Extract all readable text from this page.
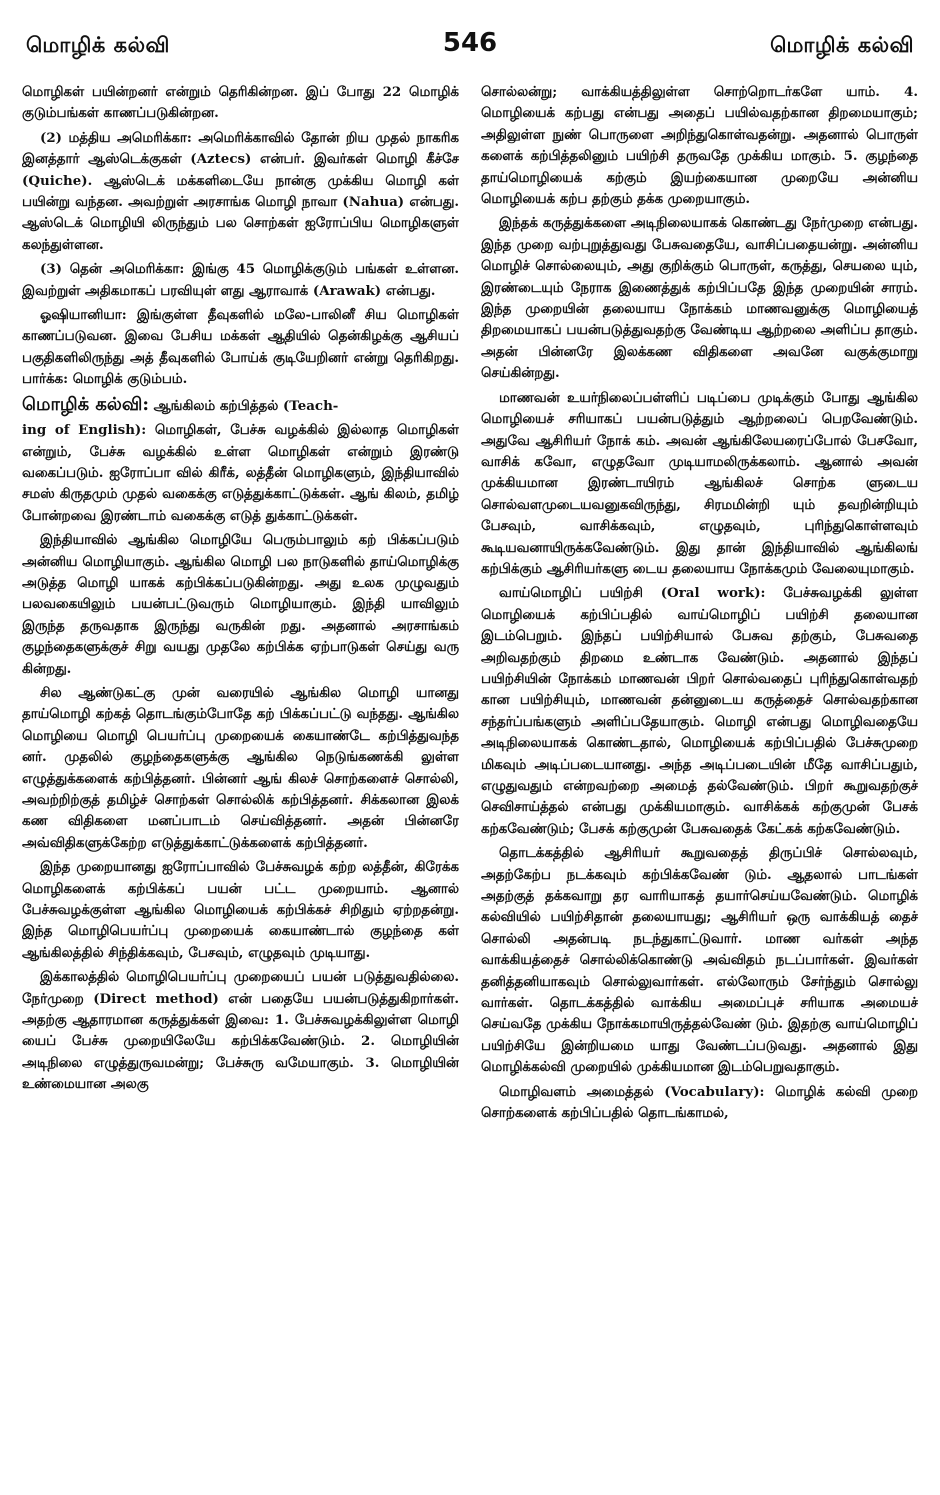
மொழிக் கல்வி	546	மொழிக் கல்வி

மொழிகள் பயின்றனர் என்றும் தெரிகின்றன. இப் போது 22 மொழிக் குடும்பங்கள் காணப்படுகின்றன.

(2) மத்திய அமெரிக்கா: அமெரிக்காவில் தோன் றிய முதல் நாகரிக இனத்தார் ஆஸ்டெக்குகள் (Aztecs) என்பர். இவர்கள் மொழி கீச்சே (Quiche). ஆஸ்டெக் மக்களிடையே நான்கு முக்கிய மொழி கள் பயின்று வந்தன. அவற்றுள் அரசாங்க மொழி நாவா (Nahua) என்பது. ஆஸ்டெக் மொழியி லிருந்தும் பல சொற்கள் ஐரோப்பிய மொழிகளுள் கலந்துள்ளன.

(3) தென் அமெரிக்கா: இங்கு 45 மொழிக்குடும் பங்கள் உள்ளன. இவற்றுள் அதிகமாகப் பரவியுள் ளது ஆராவாக் (Arawak) என்பது.

ஓஷியானியா: இங்குள்ள தீவுகளில் மலே-பாலினீ சிய மொழிகள் காணப்படுவன. இவை பேசிய மக்கள் ஆதியில் தென்கிழக்கு ஆசியப் பகுதிகளிலிருந்து அத் தீவுகளில் போய்க் குடியேறினர் என்று தெரிகிறது. பார்க்க: மொழிக் குடும்பம்.

மொழிக் கல்வி: ஆங்கிலம் கற்பித்தல் (Teach-

ing of English): மொழிகள், பேச்சு வழக்கில் இல்லாத மொழிகள் என்றும், பேச்சு வழக்கில் உள்ள மொழிகள் என்றும் இரண்டு வகைப்படும். ஐரோப்பா வில் கிரீக், லத்தீன் மொழிகளும், இந்தியாவில் சமஸ் கிருதமும் முதல் வகைக்கு எடுத்துக்காட்டுக்கள். ஆங் கிலம், தமிழ் போன்றவை இரண்டாம் வகைக்கு எடுத் துக்காட்டுக்கள்.

இந்தியாவில் ஆங்கில மொழியே பெரும்பாலும் கற் பிக்கப்படும் அன்னிய மொழியாகும். ஆங்கில மொழி பல நாடுகளில் தாய்மொழிக்கு அடுத்த மொழி யாகக் கற்பிக்கப்படுகின்றது. அது உலக முழுவதும் பலவகையிலும் பயன்பட்டுவரும் மொழியாகும். இந்தி யாவிலும் இருந்த தருவதாக இருந்து வருகின் றது. அதனால் அரசாங்கம் குழந்தைகளுக்குச் சிறு வயது முதலே கற்பிக்க ஏற்பாடுகள் செய்து வரு கின்றது.

சில ஆண்டுகட்கு முன் வரையில் ஆங்கில மொழி யானது தாய்மொழி கற்கத் தொடங்கும்போதே கற் பிக்கப்பட்டு வந்தது. ஆங்கில மொழியை மொழி பெயர்ப்பு முறையைக் கையாண்டே கற்பித்துவந்த னர். முதலில் குழந்தைகளுக்கு ஆங்கில நெடுங்கணக்கி லுள்ள எழுத்துக்களைக் கற்பித்தனர். பின்னர் ஆங் கிலச் சொற்களைச் சொல்லி, அவற்றிற்குத் தமிழ்ச் சொற்கள் சொல்லிக் கற்பித்தனர். சிக்கலான இலக் கண விதிகளை மனப்பாடம் செய்வித்தனர். அதன் பின்னரே அவ்விதிகளுக்கேற்ற எடுத்துக்காட்டுக்களைக் கற்பித்தனர்.

இந்த முறையானது ஐரோப்பாவில் பேச்சுவழக் கற்ற லத்தீன், கிரேக்க மொழிகளைக் கற்பிக்கப் பயன் பட்ட முறையாம். ஆனால் பேச்சுவழக்குள்ள ஆங்கில மொழியைக் கற்பிக்கச் சிறிதும் ஏற்றதன்று. இந்த மொழிபெயர்ப்பு முறையைக் கையாண்டால் குழந்தை கள் ஆங்கிலத்தில் சிந்திக்கவும், பேசவும், எழுதவும் முடியாது.

இக்காலத்தில் மொழிபெயர்ப்பு முறையைப் பயன் படுத்துவதில்லை. நேர்முறை (Direct method) என் பதையே பயன்படுத்துகிறார்கள். அதற்கு ஆதாரமான கருத்துக்கள் இவை: 1. பேச்சுவழக்கிலுள்ள மொழி யைப் பேச்சு முறையிலேயே கற்பிக்கவேண்டும். 2. மொழியின் அடிநிலை எழுத்துருவமன்று; பேச்சுரு வமேயாகும். 3. மொழியின் உண்மையான அலகு

சொல்லன்று; வாக்கியத்திலுள்ள சொற்றொடர்களே யாம். 4. மொழியைக் கற்பது என்பது அதைப் பயில்வதற்கான திறமையாகும்; அதிலுள்ள நுண் பொருளை அறிந்துகொள்வதன்று. அதனால் பொருள் களைக் கற்பித்தலினும் பயிற்சி தருவதே முக்கிய மாகும். 5. குழந்தை தாய்மொழியைக் கற்கும் இயற்கையான முறையே அன்னிய மொழியைக் கற்ப தற்கும் தக்க முறையாகும்.

இந்தக் கருத்துக்களை அடிநிலையாகக் கொண்டது நேர்முறை என்பது. இந்த முறை வற்புறுத்துவது பேசுவதையே, வாசிப்பதையன்று. அன்னிய மொழிச் சொல்லையும், அது குறிக்கும் பொருள், கருத்து, செயலை யும், இரண்டையும் நேராக இணைத்துக் கற்பிப்பதே இந்த முறையின் சாரம். இந்த முறையின் தலையாய நோக்கம் மாணவனுக்கு மொழியைத் திறமையாகப் பயன்படுத்துவதற்கு வேண்டிய ஆற்றலை அளிப்ப தாகும். அதன் பின்னரே இலக்கண விதிகளை அவனே வகுக்குமாறு செய்கின்றது.

மாணவன் உயர்நிலைப்பள்ளிப் படிப்பை முடிக்கும் போது ஆங்கில மொழியைச் சரியாகப் பயன்படுத்தும் ஆற்றலைப் பெறவேண்டும். அதுவே ஆசிரியர் நோக் கம். அவன் ஆங்கிலேயரைப்போல் பேசவோ, வாசிக் கவோ, எழுதவோ முடியாமலிருக்கலாம். ஆனால் அவன் முக்கியமான இரண்டாயிரம் ஆங்கிலச் சொற்க ளுடைய சொல்வளமுடையவனுகவிருந்து, சிரமமின்றி யும் தவறின்றியும் பேசவும், வாசிக்கவும், எழுதவும், புரிந்துகொள்ளவும் கூடியவனாயிருக்கவேண்டும். இது தான் இந்தியாவில் ஆங்கிலங் கற்பிக்கும் ஆசிரியர்களு டைய தலையாய நோக்கமும் வேலையுமாகும்.

வாய்மொழிப் பயிற்சி (Oral work): பேச்சுவழக்கி லுள்ள மொழியைக் கற்பிப்பதில் வாய்மொழிப் பயிற்சி தலையான இடம்பெறும். இந்தப் பயிற்சியால் பேசுவ தற்கும், பேசுவதை அறிவதற்கும் திறமை உண்டாக வேண்டும். அதனால் இந்தப் பயிற்சியின் நோக்கம் மாணவன் பிறர் சொல்வதைப் புரிந்துகொள்வதற் கான பயிற்சியும், மாணவன் தன்னுடைய கருத்தைச் சொல்வதற்கான சந்தர்ப்பங்களும் அளிப்பதேயாகும். மொழி என்பது மொழிவதையே அடிநிலையாகக் கொண்டதால், மொழியைக் கற்பிப்பதில் பேச்சுமுறை மிகவும் அடிப்படையானது. அந்த அடிப்படையின் மீதே வாசிப்பதும், எழுதுவதும் என்றவற்றை அமைத் தல்வேண்டும். பிறர் கூறுவதற்குச் செவிசாய்த்தல் என்பது முக்கியமாகும். வாசிக்கக் கற்குமுன் பேசக் கற்கவேண்டும்; பேசக் கற்குமுன் பேசுவதைக் கேட்கக் கற்கவேண்டும்.

தொடக்கத்தில் ஆசிரியர் கூறுவதைத் திருப்பிச் சொல்லவும், அதற்கேற்ப நடக்கவும் கற்பிக்கவேண் டும். ஆதலால் பாடங்கள் அதற்குத் தக்கவாறு தர வாரியாகத் தயார்செய்யவேண்டும். மொழிக் கல்வியில் பயிற்சிதான் தலையாயது; ஆசிரியர் ஒரு வாக்கியத் தைச் சொல்லி அதன்படி நடந்துகாட்டுவார். மாண வர்கள் அந்த வாக்கியத்தைச் சொல்லிக்கொண்டு அவ்விதம் நடப்பார்கள். இவர்கள் தனித்தனியாகவும் சொல்லுவார்கள். எல்லோரும் சேர்ந்தும் சொல்லு வார்கள். தொடக்கத்தில் வாக்கிய அமைப்புச் சரியாக அமையச் செய்வதே முக்கிய நோக்கமாயிருத்தல்வேண் டும். இதற்கு வாய்மொழிப் பயிற்சியே இன்றியமை யாது வேண்டப்படுவது. அதனால் இது மொழிக்கல்வி முறையில் முக்கியமான இடம்பெறுவதாகும்.

மொழிவளம் அமைத்தல் (Vocabulary): மொழிக் கல்வி முறை சொற்களைக் கற்பிப்பதில் தொடங்காமல்,
